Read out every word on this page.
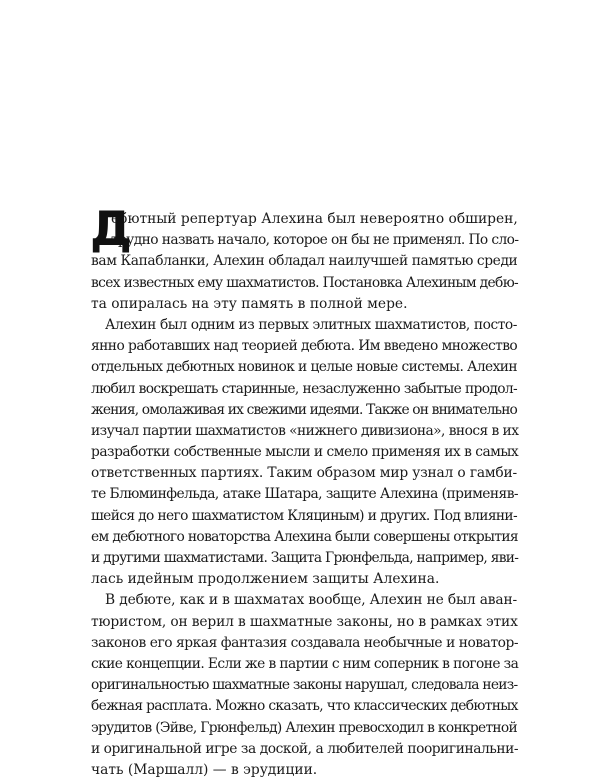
Д
ебютный репертуар Алехина был невероятно обширен,
трудно назвать начало, которое он бы не применял. По сло-
вам Капабланки, Алехин обладал наилучшей памятью среди
всех известных ему шахматистов. Постановка Алехиным дебю-
та опиралась на эту память в полной мере.
Алехин был одним из первых элитных шахматистов, посто-
янно работавших над теорией дебюта. Им введено множество
отдельных дебютных новинок и целые новые системы. Алехин
любил воскрешать старинные, незаслуженно забытые продол-
жения, омолаживая их свежими идеями. Также он внимательно
изучал партии шахматистов «нижнего дивизиона», внося в их
разработки собственные мысли и смело применяя их в самых
ответственных партиях. Таким образом мир узнал о гамби-
те Блюминфельда, атаке Шатара, защите Алехина (применяв-
шейся до него шахматистом Кляциным) и других. Под влияни-
ем дебютного новаторства Алехина были совершены открытия
и другими шахматистами. Защита Грюнфельда, например, яви-
лась идейным продолжением защиты Алехина.
В дебюте, как и в шахматах вообще, Алехин не был аван-
тюристом, он верил в шахматные законы, но в рамках этих
законов его яркая фантазия создавала необычные и новатор-
ские концепции. Если же в партии с ним соперник в погоне за
оригинальностью шахматные законы нарушал, следовала неиз-
бежная расплата. Можно сказать, что классических дебютных
эрудитов (Эйве, Грюнфельд) Алехин превосходил в конкретной
и оригинальной игре за доской, а любителей пооригинальни-
чать (Маршалл) — в эрудиции.
